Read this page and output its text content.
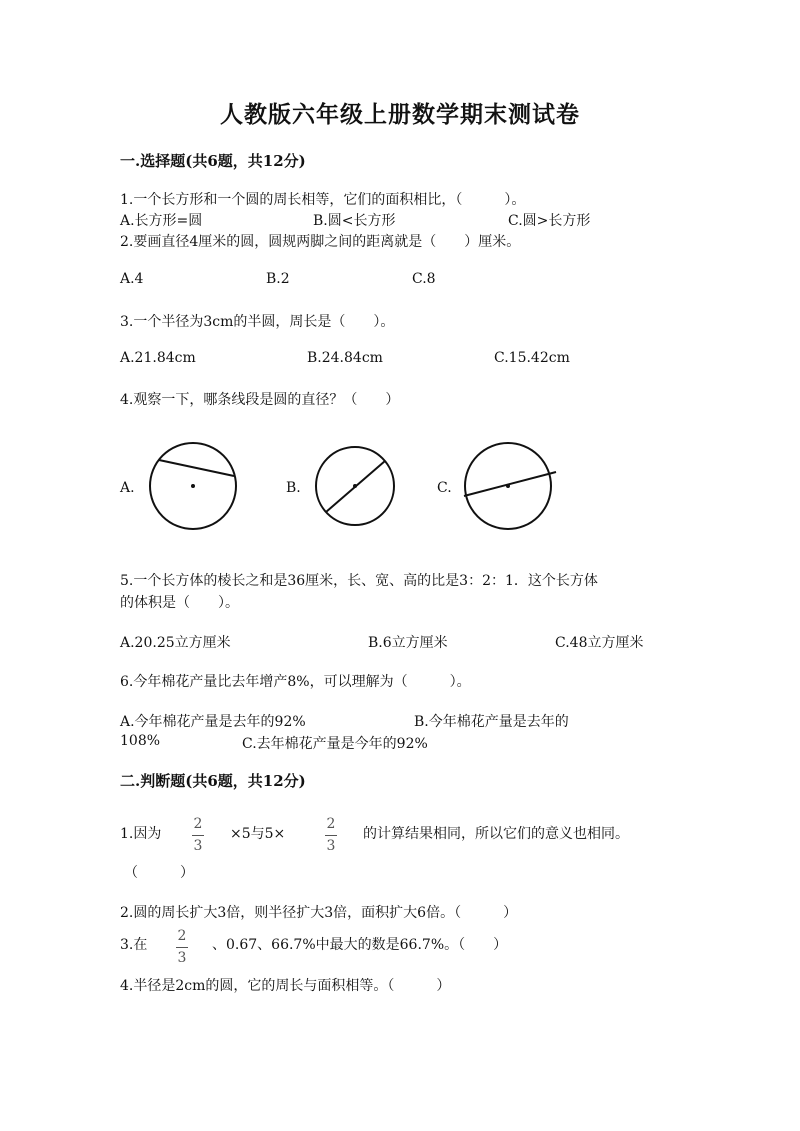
人教版六年级上册数学期末测试卷
一.选择题(共6题，共12分)
1.一个长方形和一个圆的周长相等，它们的面积相比，（　　　）。
A.长方形=圆	B.圆<长方形	C.圆>长方形
2.要画直径4厘米的圆，圆规两脚之间的距离就是（　　）厘米。
A.4	B.2	C.8
3.一个半径为3cm的半圆，周长是（　　）。
A.21.84cm	B.24.84cm	C.15.42cm
4.观察一下，哪条线段是圆的直径？（　　）
A.	B.	C.
5.一个长方体的棱长之和是36厘米，长、宽、高的比是3：2：1．这个长方体
的体积是（　　）。
A.20.25立方厘米	B.6立方厘米	C.48立方厘米
6.今年棉花产量比去年增产8%，可以理解为（　　　）。
A.今年棉花产量是去年的92%	B.今年棉花产量是去年的
108%	C.去年棉花产量是今年的92%
二.判断题(共6题，共12分)
1.因为
2
3
×5与5×
2
3
的计算结果相同，所以它们的意义也相同。
（　　　）
2.圆的周长扩大3倍，则半径扩大3倍，面积扩大6倍。（　　　）
3.在
2
3
、0.67、66.7%中最大的数是66.7%。（　　）
4.半径是2cm的圆，它的周长与面积相等。（　　　）
